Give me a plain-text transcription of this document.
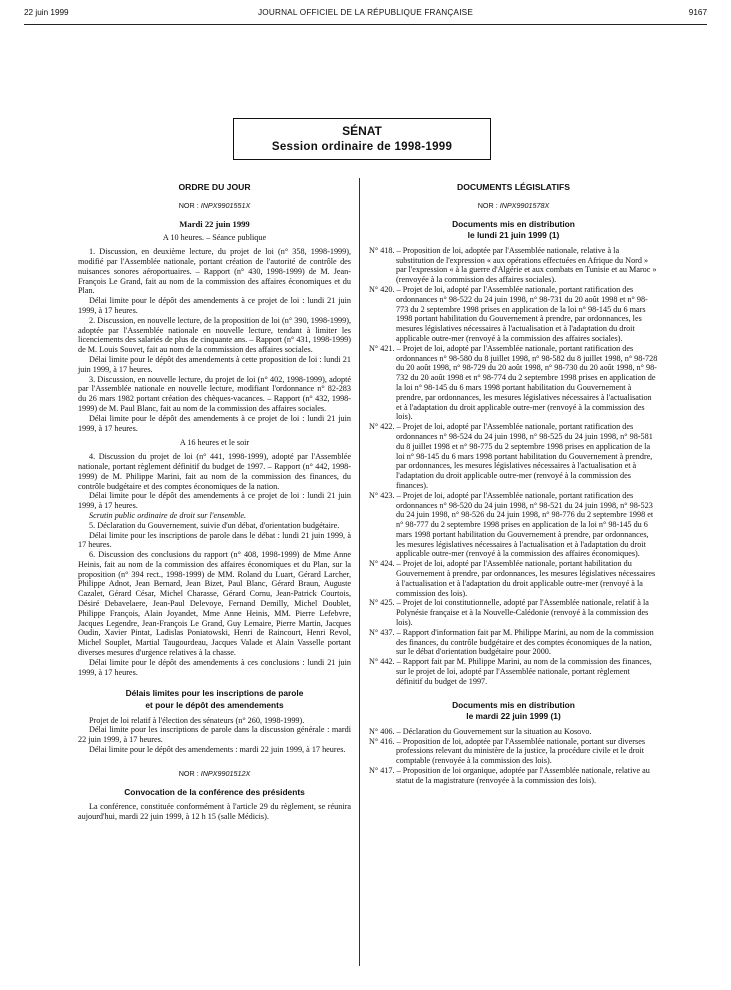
22 juin 1999	JOURNAL OFFICIEL DE LA RÉPUBLIQUE FRANÇAISE	9167
SÉNAT
Session ordinaire de 1998-1999
ORDRE DU JOUR
NOR : INPX9901551X
Mardi 22 juin 1999
A 10 heures. – Séance publique

1. Discussion, en deuxième lecture, du projet de loi (n° 358, 1998-1999), modifié par l'Assemblée nationale, portant création de l'autorité de contrôle des nuisances sonores aéroportuaires. – Rapport (n° 430, 1998-1999) de M. Jean-François Le Grand, fait au nom de la commission des affaires économiques et du Plan.

Délai limite pour le dépôt des amendements à ce projet de loi : lundi 21 juin 1999, à 17 heures.

2. Discussion, en nouvelle lecture, de la proposition de loi (n° 390, 1998-1999), adoptée par l'Assemblée nationale en nouvelle lecture, tendant à limiter les licenciements des salariés de plus de cinquante ans. – Rapport (n° 431, 1998-1999) de M. Louis Souvet, fait au nom de la commission des affaires sociales.

Délai limite pour le dépôt des amendements à cette proposition de loi : lundi 21 juin 1999, à 17 heures.

3. Discussion, en nouvelle lecture, du projet de loi (n° 402, 1998-1999), adopté par l'Assemblée nationale en nouvelle lecture, modifiant l'ordonnance n° 82-283 du 26 mars 1982 portant création des chèques-vacances. – Rapport (n° 432, 1998-1999) de M. Paul Blanc, fait au nom de la commission des affaires sociales.

Délai limite pour le dépôt des amendements à ce projet de loi : lundi 21 juin 1999, à 17 heures.

A 16 heures et le soir

4. Discussion du projet de loi (n° 441, 1998-1999), adopté par l'Assemblée nationale, portant règlement définitif du budget de 1997. – Rapport (n° 442, 1998-1999) de M. Philippe Marini, fait au nom de la commission des finances, du contrôle budgétaire et des comptes économiques de la nation.

Délai limite pour le dépôt des amendements à ce projet de loi : lundi 21 juin 1999, à 17 heures.

Scrutin public ordinaire de droit sur l'ensemble.

5. Déclaration du Gouvernement, suivie d'un débat, d'orientation budgétaire.

Délai limite pour les inscriptions de parole dans le débat : lundi 21 juin 1999, à 17 heures.

6. Discussion des conclusions du rapport (n° 408, 1998-1999) de Mme Anne Heinis, fait au nom de la commission des affaires économiques et du Plan, sur la proposition (n° 394 rect., 1998-1999) de MM. Roland du Luart, Gérard Larcher, Philippe Adnot, Jean Bernard, Jean Bizet, Paul Blanc, Gérard Braun, Auguste Cazalet, Gérard César, Michel Charasse, Gérard Cornu, Jean-Patrick Courtois, Désiré Debavelaere, Jean-Paul Delevoye, Fernand Demilly, Michel Doublet, Philippe François, Alain Joyandet, Mme Anne Heinis, MM. Pierre Lefebvre, Jacques Legendre, Jean-François Le Grand, Guy Lemaire, Pierre Martin, Jacques Oudin, Xavier Pintat, Ladislas Poniatowski, Henri de Raincourt, Henri Revol, Michel Souplet, Martial Taugourdeau, Jacques Valade et Alain Vasselle portant diverses mesures d'urgence relatives à la chasse.

Délai limite pour le dépôt des amendements à ces conclusions : lundi 21 juin 1999, à 17 heures.

Délais limites pour les inscriptions de parole
et pour le dépôt des amendements

Projet de loi relatif à l'élection des sénateurs (n° 260, 1998-1999).

Délai limite pour les inscriptions de parole dans la discussion générale : mardi 22 juin 1999, à 17 heures.

Délai limite pour le dépôt des amendements : mardi 22 juin 1999, à 17 heures.

NOR : INPX9901512X
Convocation de la conférence des présidents

La conférence, constituée conformément à l'article 29 du règlement, se réunira aujourd'hui, mardi 22 juin 1999, à 12 h 15 (salle Médicis).

DOCUMENTS LÉGISLATIFS
NOR : INPX9901578X
Documents mis en distribution
le lundi 21 juin 1999 (1)

N° 418. – Proposition de loi, adoptée par l'Assemblée nationale, relative à la substitution de l'expression « aux opérations effectuées en Afrique du Nord » par l'expression « à la guerre d'Algérie et aux combats en Tunisie et au Maroc » (renvoyée à la commission des affaires sociales).

N° 420. – Projet de loi, adopté par l'Assemblée nationale, portant ratification des ordonnances n° 98-522 du 24 juin 1998, n° 98-731 du 20 août 1998 et n° 98-773 du 2 septembre 1998 prises en application de la loi n° 98-145 du 6 mars 1998 portant habilitation du Gouvernement à prendre, par ordonnances, les mesures législatives nécessaires à l'actualisation et à l'adaptation du droit applicable outre-mer (renvoyé à la commission des affaires sociales).

N° 421. – Projet de loi, adopté par l'Assemblée nationale, portant ratification des ordonnances n° 98-580 du 8 juillet 1998, n° 98-582 du 8 juillet 1998, n° 98-728 du 20 août 1998, n° 98-729 du 20 août 1998, n° 98-730 du 20 août 1998, n° 98-732 du 20 août 1998 et n° 98-774 du 2 septembre 1998 prises en application de la loi n° 98-145 du 6 mars 1998 portant habilitation du Gouvernement à prendre, par ordonnances, les mesures législatives nécessaires à l'actualisation et à l'adaptation du droit applicable outre-mer (renvoyé à la commission des lois).

N° 422. – Projet de loi, adopté par l'Assemblée nationale, portant ratification des ordonnances n° 98-524 du 24 juin 1998, n° 98-525 du 24 juin 1998, n° 98-581 du 8 juillet 1998 et n° 98-775 du 2 septembre 1998 prises en application de la loi n° 98-145 du 6 mars 1998 portant habilitation du Gouvernement à prendre, par ordonnances, les mesures législatives nécessaires à l'actualisation et à l'adaptation du droit applicable outre-mer (renvoyé à la commission des finances).

N° 423. – Projet de loi, adopté par l'Assemblée nationale, portant ratification des ordonnances n° 98-520 du 24 juin 1998, n° 98-521 du 24 juin 1998, n° 98-523 du 24 juin 1998, n° 98-526 du 24 juin 1998, n° 98-776 du 2 septembre 1998 et n° 98-777 du 2 septembre 1998 prises en application de la loi n° 98-145 du 6 mars 1998 portant habilitation du Gouvernement à prendre, par ordonnances, les mesures législatives nécessaires à l'actualisation et à l'adaptation du droit applicable outre-mer (renvoyé à la commission des affaires économiques).

N° 424. – Projet de loi, adopté par l'Assemblée nationale, portant habilitation du Gouvernement à prendre, par ordonnances, les mesures législatives nécessaires à l'actualisation et à l'adaptation du droit applicable outre-mer (renvoyé à la commission des lois).

N° 425. – Projet de loi constitutionnelle, adopté par l'Assemblée nationale, relatif à la Polynésie française et à la Nouvelle-Calédonie (renvoyé à la commission des lois).

N° 437. – Rapport d'information fait par M. Philippe Marini, au nom de la commission des finances, du contrôle budgétaire et des comptes économiques de la nation, sur le débat d'orientation budgétaire pour 2000.

N° 442. – Rapport fait par M. Philippe Marini, au nom de la commission des finances, sur le projet de loi, adopté par l'Assemblée nationale, portant règlement définitif du budget de 1997.

Documents mis en distribution
le mardi 22 juin 1999 (1)

N° 406. – Déclaration du Gouvernement sur la situation au Kosovo.

N° 416. – Proposition de loi, adoptée par l'Assemblée nationale, portant sur diverses professions relevant du ministère de la justice, la procédure civile et le droit comptable (renvoyée à la commission des lois).

N° 417. – Proposition de loi organique, adoptée par l'Assemblée nationale, relative au statut de la magistrature (renvoyée à la commission des lois).
